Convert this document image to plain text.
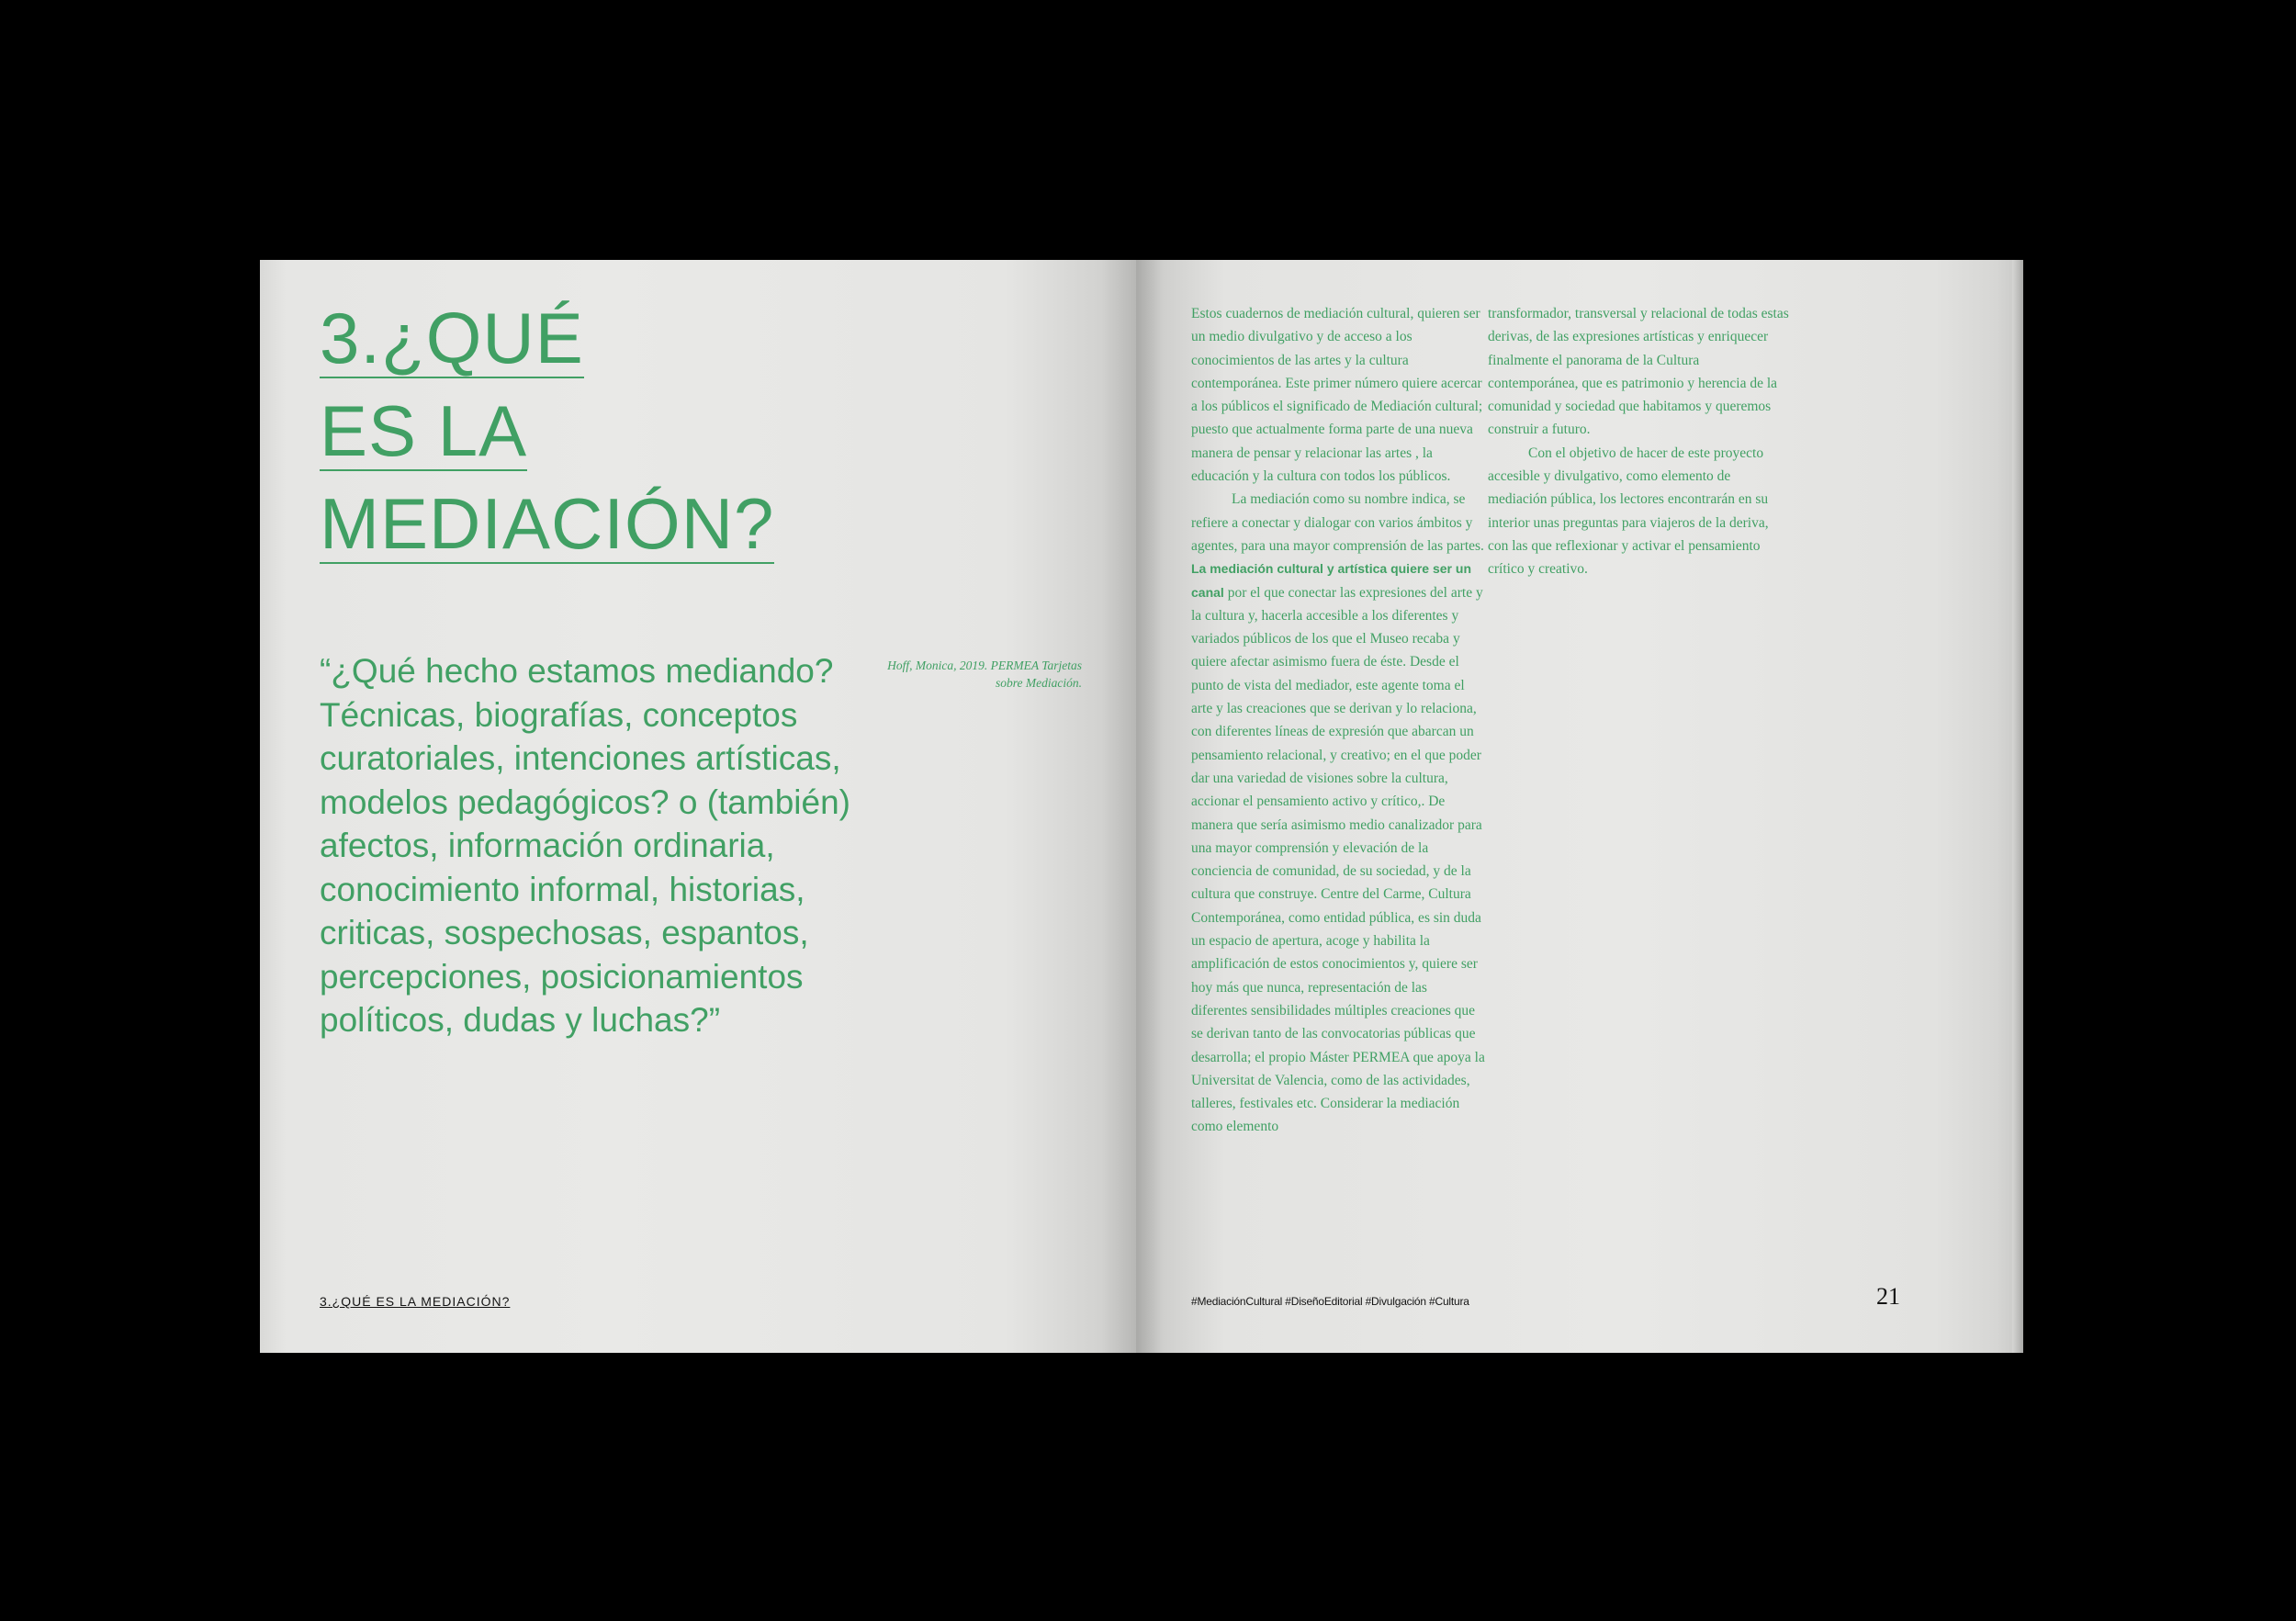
3.¿QUÉ
ES LA
MEDIACIÓN?

“¿Qué hecho estamos mediando? Técnicas, biografías, conceptos curatoriales, intenciones artísticas, modelos pedagógicos? o (también) afectos, información ordinaria, conocimiento informal, historias, criticas, sospechosas, espantos, percepciones, posicionamientos políticos, dudas y luchas?”

Hoff, Monica, 2019. PERMEA Tarjetas sobre Mediación.

3.¿QUÉ ES LA MEDIACIÓN?

Estos cuadernos de mediación cultural, quieren ser un medio divulgativo y de acceso a los conocimientos de las artes y la cultura contemporánea. Este primer número quiere acercar a los públicos el significado de Mediación cultural; puesto que actualmente forma parte de una nueva manera de pensar y relacionar las artes , la educación y la cultura con todos los públicos.

La mediación como su nombre indica, se refiere a conectar y dialogar con varios ámbitos y agentes, para una mayor comprensión de las partes. La mediación cultural y artística quiere ser un canal por el que conectar las expresiones del arte y la cultura y, hacerla accesible a los diferentes y variados públicos de los que el Museo recaba y quiere afectar asimismo fuera de éste. Desde el punto de vista del mediador, este agente toma el arte y las creaciones que se derivan y lo relaciona, con diferentes líneas de expresión que abarcan un pensamiento relacional, y creativo; en el que poder dar una variedad de visiones sobre la cultura, accionar el pensamiento activo y crítico,. De manera que sería asimismo medio canalizador para una mayor comprensión y elevación de la conciencia de comunidad, de su sociedad, y de la cultura que construye. Centre del Carme, Cultura Contemporánea, como entidad pública, es sin duda un espacio de apertura, acoge y habilita la amplificación de estos conocimientos y, quiere ser hoy más que nunca, representación de las diferentes sensibilidades múltiples creaciones que se derivan tanto de las convocatorias públicas que desarrolla; el propio Máster PERMEA que apoya la Universitat de Valencia, como de las actividades, talleres, festivales etc. Considerar la mediación como elemento

transformador, transversal y relacional de todas estas derivas, de las expresiones artísticas y enriquecer finalmente el panorama de la Cultura contemporánea, que es patrimonio y herencia de la comunidad y sociedad que habitamos y queremos construir a futuro.

Con el objetivo de hacer de este proyecto accesible y divulgativo, como elemento de mediación pública, los lectores encontrarán en su interior unas preguntas para viajeros de la deriva, con las que reflexionar y activar el pensamiento crítico y creativo.

#MediaciónCultural #DiseñoEditorial #Divulgación #Cultura	21
